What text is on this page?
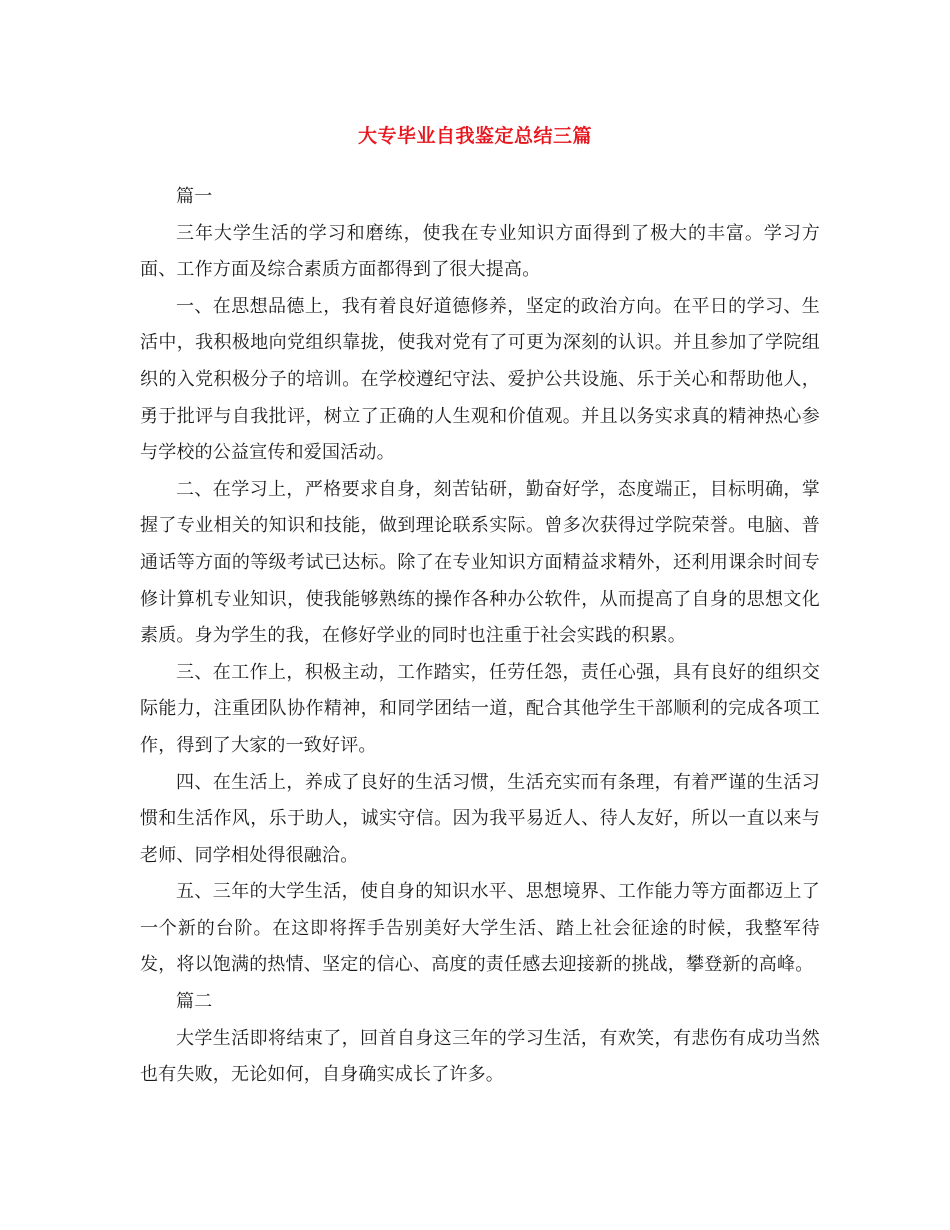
大专毕业自我鉴定总结三篇

篇一

三年大学生活的学习和磨练，使我在专业知识方面得到了极大的丰富。学习方面、工作方面及综合素质方面都得到了很大提高。

一、在思想品德上，我有着良好道德修养，坚定的政治方向。在平日的学习、生活中，我积极地向党组织靠拢，使我对党有了可更为深刻的认识。并且参加了学院组织的入党积极分子的培训。在学校遵纪守法、爱护公共设施、乐于关心和帮助他人，勇于批评与自我批评，树立了正确的人生观和价值观。并且以务实求真的精神热心参与学校的公益宣传和爱国活动。

二、在学习上，严格要求自身，刻苦钻研，勤奋好学，态度端正，目标明确，掌握了专业相关的知识和技能，做到理论联系实际。曾多次获得过学院荣誉。电脑、普通话等方面的等级考试已达标。除了在专业知识方面精益求精外，还利用课余时间专修计算机专业知识，使我能够熟练的操作各种办公软件，从而提高了自身的思想文化素质。身为学生的我，在修好学业的同时也注重于社会实践的积累。

三、在工作上，积极主动，工作踏实，任劳任怨，责任心强，具有良好的组织交际能力，注重团队协作精神，和同学团结一道，配合其他学生干部顺利的完成各项工作，得到了大家的一致好评。

四、在生活上，养成了良好的生活习惯，生活充实而有条理，有着严谨的生活习惯和生活作风，乐于助人，诚实守信。因为我平易近人、待人友好，所以一直以来与老师、同学相处得很融洽。

五、三年的大学生活，使自身的知识水平、思想境界、工作能力等方面都迈上了一个新的台阶。在这即将挥手告别美好大学生活、踏上社会征途的时候，我整军待发，将以饱满的热情、坚定的信心、高度的责任感去迎接新的挑战，攀登新的高峰。

篇二

大学生活即将结束了，回首自身这三年的学习生活，有欢笑，有悲伤有成功当然也有失败，无论如何，自身确实成长了许多。
